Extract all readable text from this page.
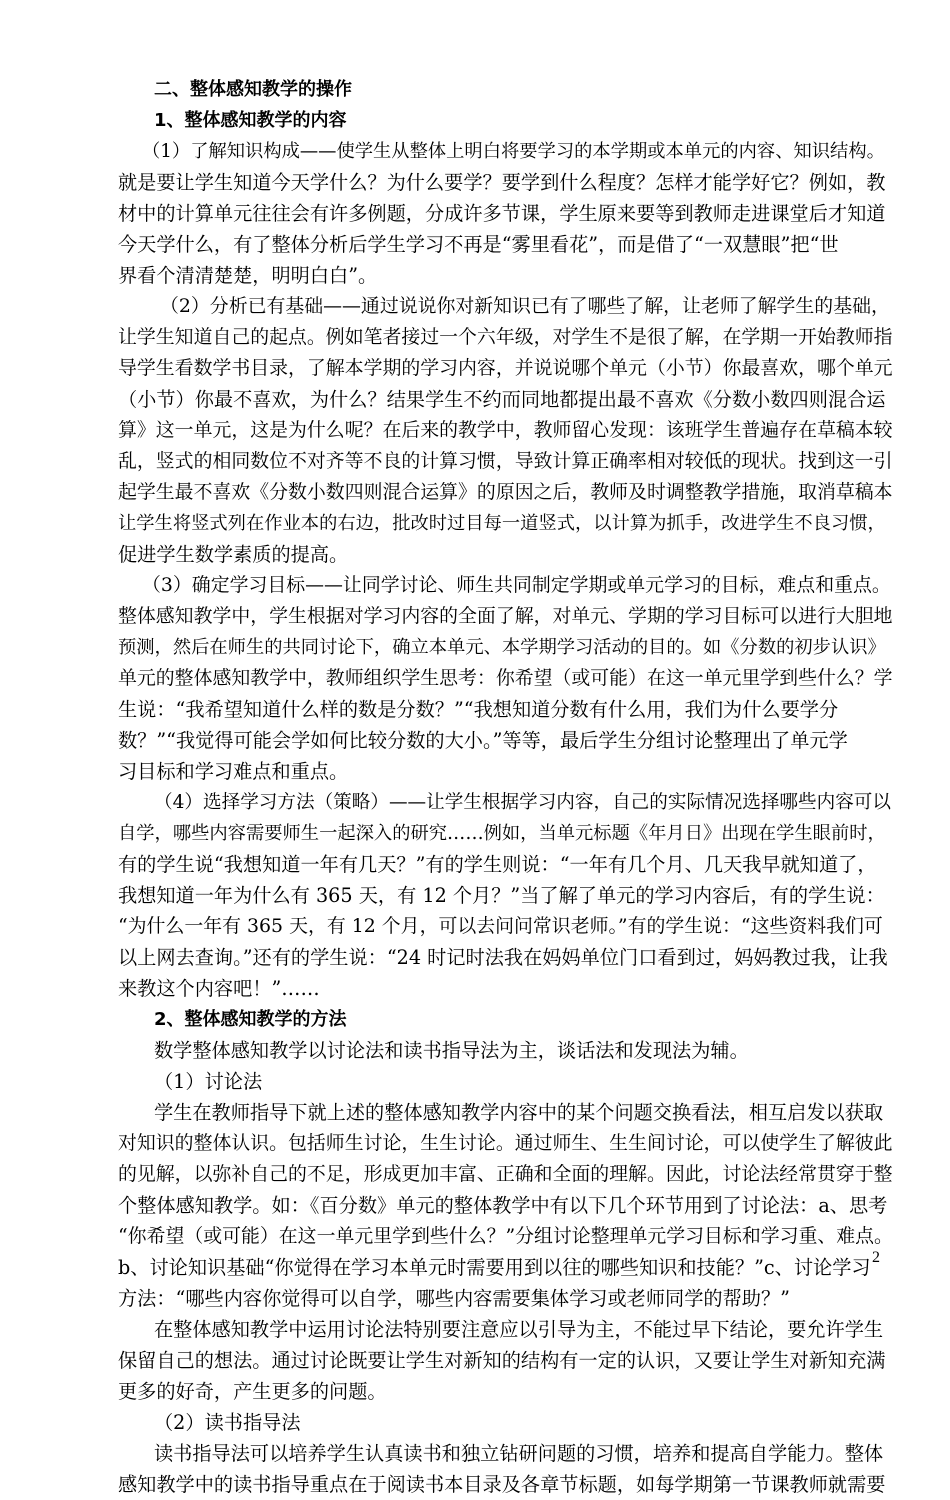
二、整体感知教学的操作
1、整体感知教学的内容
（1）了解知识构成——使学生从整体上明白将要学习的本学期或本单元的内容、知识结构。
就是要让学生知道今天学什么？为什么要学？要学到什么程度？怎样才能学好它？例如，教
材中的计算单元往往会有许多例题，分成许多节课，学生原来要等到教师走进课堂后才知道
今天学什么，有了整体分析后学生学习不再是“雾里看花”，而是借了“一双慧眼”把“世
界看个清清楚楚，明明白白”。
（2）分析已有基础——通过说说你对新知识已有了哪些了解，让老师了解学生的基础，
让学生知道自己的起点。例如笔者接过一个六年级，对学生不是很了解，在学期一开始教师指
导学生看数学书目录，了解本学期的学习内容，并说说哪个单元（小节）你最喜欢，哪个单元
（小节）你最不喜欢，为什么？结果学生不约而同地都提出最不喜欢《分数小数四则混合运
算》这一单元，这是为什么呢？在后来的教学中，教师留心发现：该班学生普遍存在草稿本较
乱，竖式的相同数位不对齐等不良的计算习惯，导致计算正确率相对较低的现状。找到这一引
起学生最不喜欢《分数小数四则混合运算》的原因之后，教师及时调整教学措施，取消草稿本
让学生将竖式列在作业本的右边，批改时过目每一道竖式，以计算为抓手，改进学生不良习惯，
促进学生数学素质的提高。
（3）确定学习目标——让同学讨论、师生共同制定学期或单元学习的目标，难点和重点。
整体感知教学中，学生根据对学习内容的全面了解，对单元、学期的学习目标可以进行大胆地
预测，然后在师生的共同讨论下，确立本单元、本学期学习活动的目的。如《分数的初步认识》
单元的整体感知教学中，教师组织学生思考：你希望（或可能）在这一单元里学到些什么？学
生说：“我希望知道什么样的数是分数？”“我想知道分数有什么用，我们为什么要学分
数？”“我觉得可能会学如何比较分数的大小。”等等，最后学生分组讨论整理出了单元学
习目标和学习难点和重点。
（4）选择学习方法（策略）——让学生根据学习内容，自己的实际情况选择哪些内容可以
自学，哪些内容需要师生一起深入的研究……例如，当单元标题《年月日》出现在学生眼前时，
有的学生说“我想知道一年有几天？”有的学生则说：“一年有几个月、几天我早就知道了，
我想知道一年为什么有 365 天，有 12 个月？”当了解了单元的学习内容后，有的学生说：
“为什么一年有 365 天，有 12 个月，可以去问问常识老师。”有的学生说：“这些资料我们可
以上网去查询。”还有的学生说：“24 时记时法我在妈妈单位门口看到过，妈妈教过我，让我
来教这个内容吧！”……
2、整体感知教学的方法
数学整体感知教学以讨论法和读书指导法为主，谈话法和发现法为辅。
（1）讨论法
学生在教师指导下就上述的整体感知教学内容中的某个问题交换看法，相互启发以获取
对知识的整体认识。包括师生讨论，生生讨论。通过师生、生生间讨论，可以使学生了解彼此
的见解，以弥补自己的不足，形成更加丰富、正确和全面的理解。因此，讨论法经常贯穿于整
个整体感知教学。如：《百分数》单元的整体教学中有以下几个环节用到了讨论法：a、思考
“你希望（或可能）在这一单元里学到些什么？”分组讨论整理单元学习目标和学习重、难点。
b、讨论知识基础“你觉得在学习本单元时需要用到以往的哪些知识和技能？”c、讨论学习
方法：“哪些内容你觉得可以自学，哪些内容需要集体学习或老师同学的帮助？”
在整体感知教学中运用讨论法特别要注意应以引导为主，不能过早下结论，要允许学生
保留自己的想法。通过讨论既要让学生对新知的结构有一定的认识，又要让学生对新知充满
更多的好奇，产生更多的问题。
（2）读书指导法
读书指导法可以培养学生认真读书和独立钻研问题的习惯，培养和提高自学能力。整体
感知教学中的读书指导重点在于阅读书本目录及各章节标题，如每学期第一节课教师就需要
2
